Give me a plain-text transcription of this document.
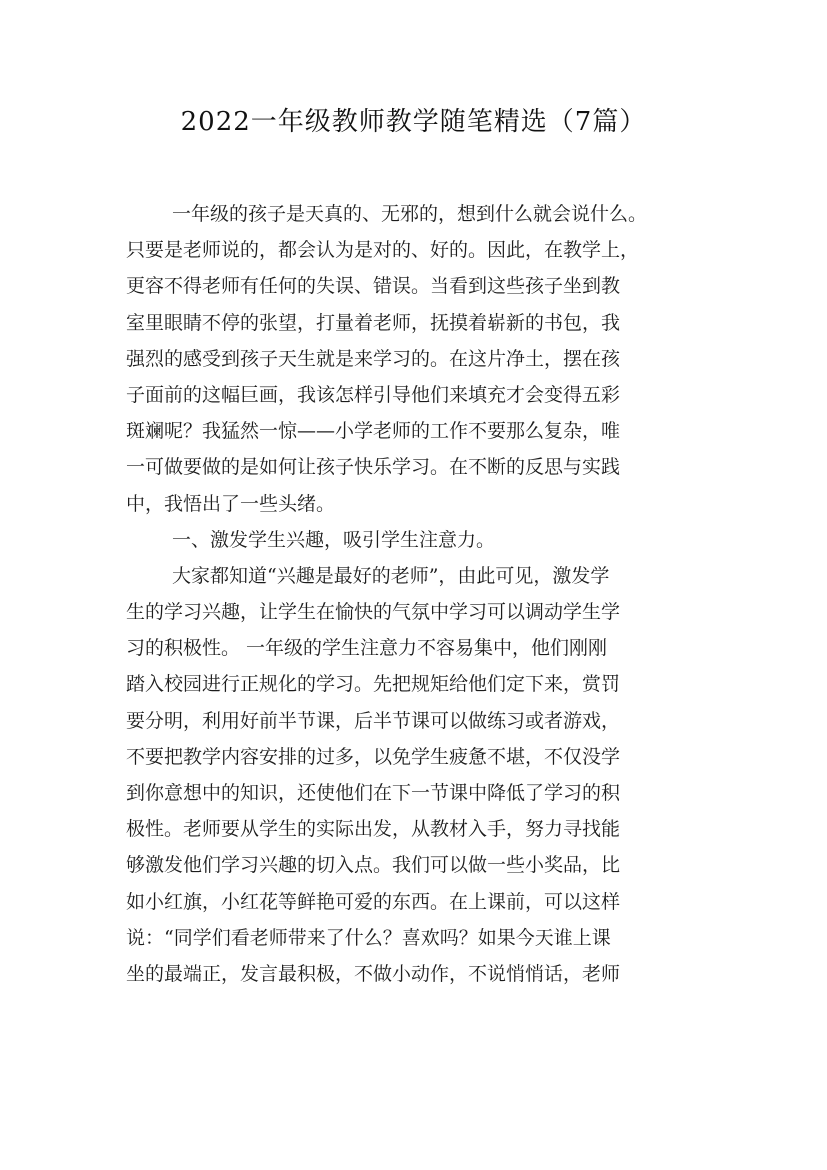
2022一年级教师教学随笔精选（7篇）
一年级的孩子是天真的、无邪的，想到什么就会说什么。
只要是老师说的，都会认为是对的、好的。因此，在教学上，
更容不得老师有任何的失误、错误。当看到这些孩子坐到教
室里眼睛不停的张望，打量着老师，抚摸着崭新的书包，我
强烈的感受到孩子天生就是来学习的。在这片净土，摆在孩
子面前的这幅巨画，我该怎样引导他们来填充才会变得五彩
斑斓呢？我猛然一惊——小学老师的工作不要那么复杂，唯
一可做要做的是如何让孩子快乐学习。在不断的反思与实践
中，我悟出了一些头绪。
一、激发学生兴趣，吸引学生注意力。
大家都知道“兴趣是最好的老师”，由此可见，激发学
生的学习兴趣，让学生在愉快的气氛中学习可以调动学生学
习的积极性。 一年级的学生注意力不容易集中，他们刚刚
踏入校园进行正规化的学习。先把规矩给他们定下来，赏罚
要分明，利用好前半节课，后半节课可以做练习或者游戏，
不要把教学内容安排的过多，以免学生疲惫不堪，不仅没学
到你意想中的知识，还使他们在下一节课中降低了学习的积
极性。老师要从学生的实际出发，从教材入手，努力寻找能
够激发他们学习兴趣的切入点。我们可以做一些小奖品，比
如小红旗，小红花等鲜艳可爱的东西。在上课前，可以这样
说：“同学们看老师带来了什么？喜欢吗？如果今天谁上课
坐的最端正，发言最积极，不做小动作，不说悄悄话，老师
